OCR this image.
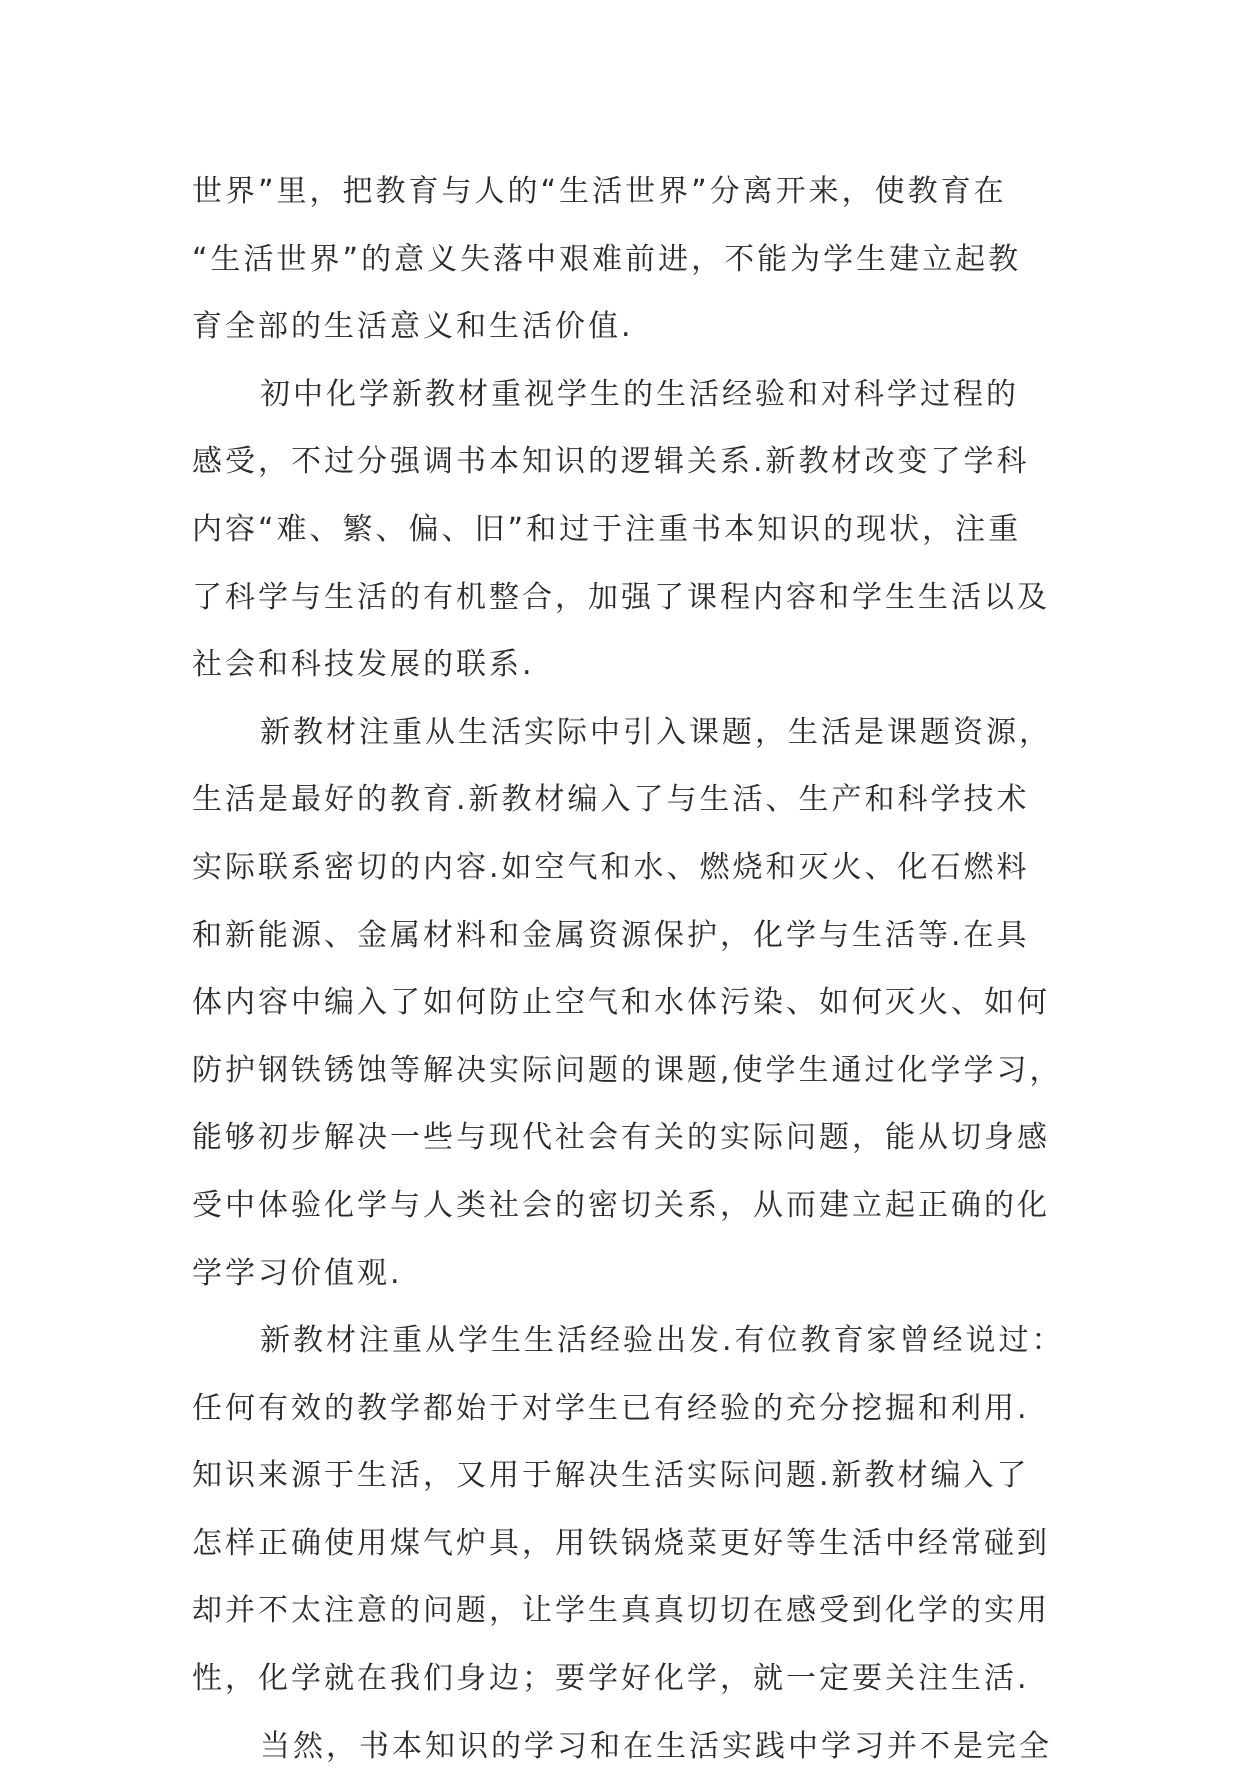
世界”里，把教育与人的“生活世界”分离开来，使教育在
“生活世界”的意义失落中艰难前进，不能为学生建立起教
育全部的生活意义和生活价值.
初中化学新教材重视学生的生活经验和对科学过程的
感受，不过分强调书本知识的逻辑关系.新教材改变了学科
内容“难、繁、偏、旧”和过于注重书本知识的现状，注重
了科学与生活的有机整合，加强了课程内容和学生生活以及
社会和科技发展的联系.
新教材注重从生活实际中引入课题，生活是课题资源，
生活是最好的教育.新教材编入了与生活、生产和科学技术
实际联系密切的内容.如空气和水、燃烧和灭火、化石燃料
和新能源、金属材料和金属资源保护，化学与生活等.在具
体内容中编入了如何防止空气和水体污染、如何灭火、如何
防护钢铁锈蚀等解决实际问题的课题,使学生通过化学学习，
能够初步解决一些与现代社会有关的实际问题，能从切身感
受中体验化学与人类社会的密切关系，从而建立起正确的化
学学习价值观.
新教材注重从学生生活经验出发.有位教育家曾经说过：
任何有效的教学都始于对学生已有经验的充分挖掘和利用.
知识来源于生活，又用于解决生活实际问题.新教材编入了
怎样正确使用煤气炉具，用铁锅烧菜更好等生活中经常碰到
却并不太注意的问题，让学生真真切切在感受到化学的实用
性，化学就在我们身边；要学好化学，就一定要关注生活.
当然，书本知识的学习和在生活实践中学习并不是完全
